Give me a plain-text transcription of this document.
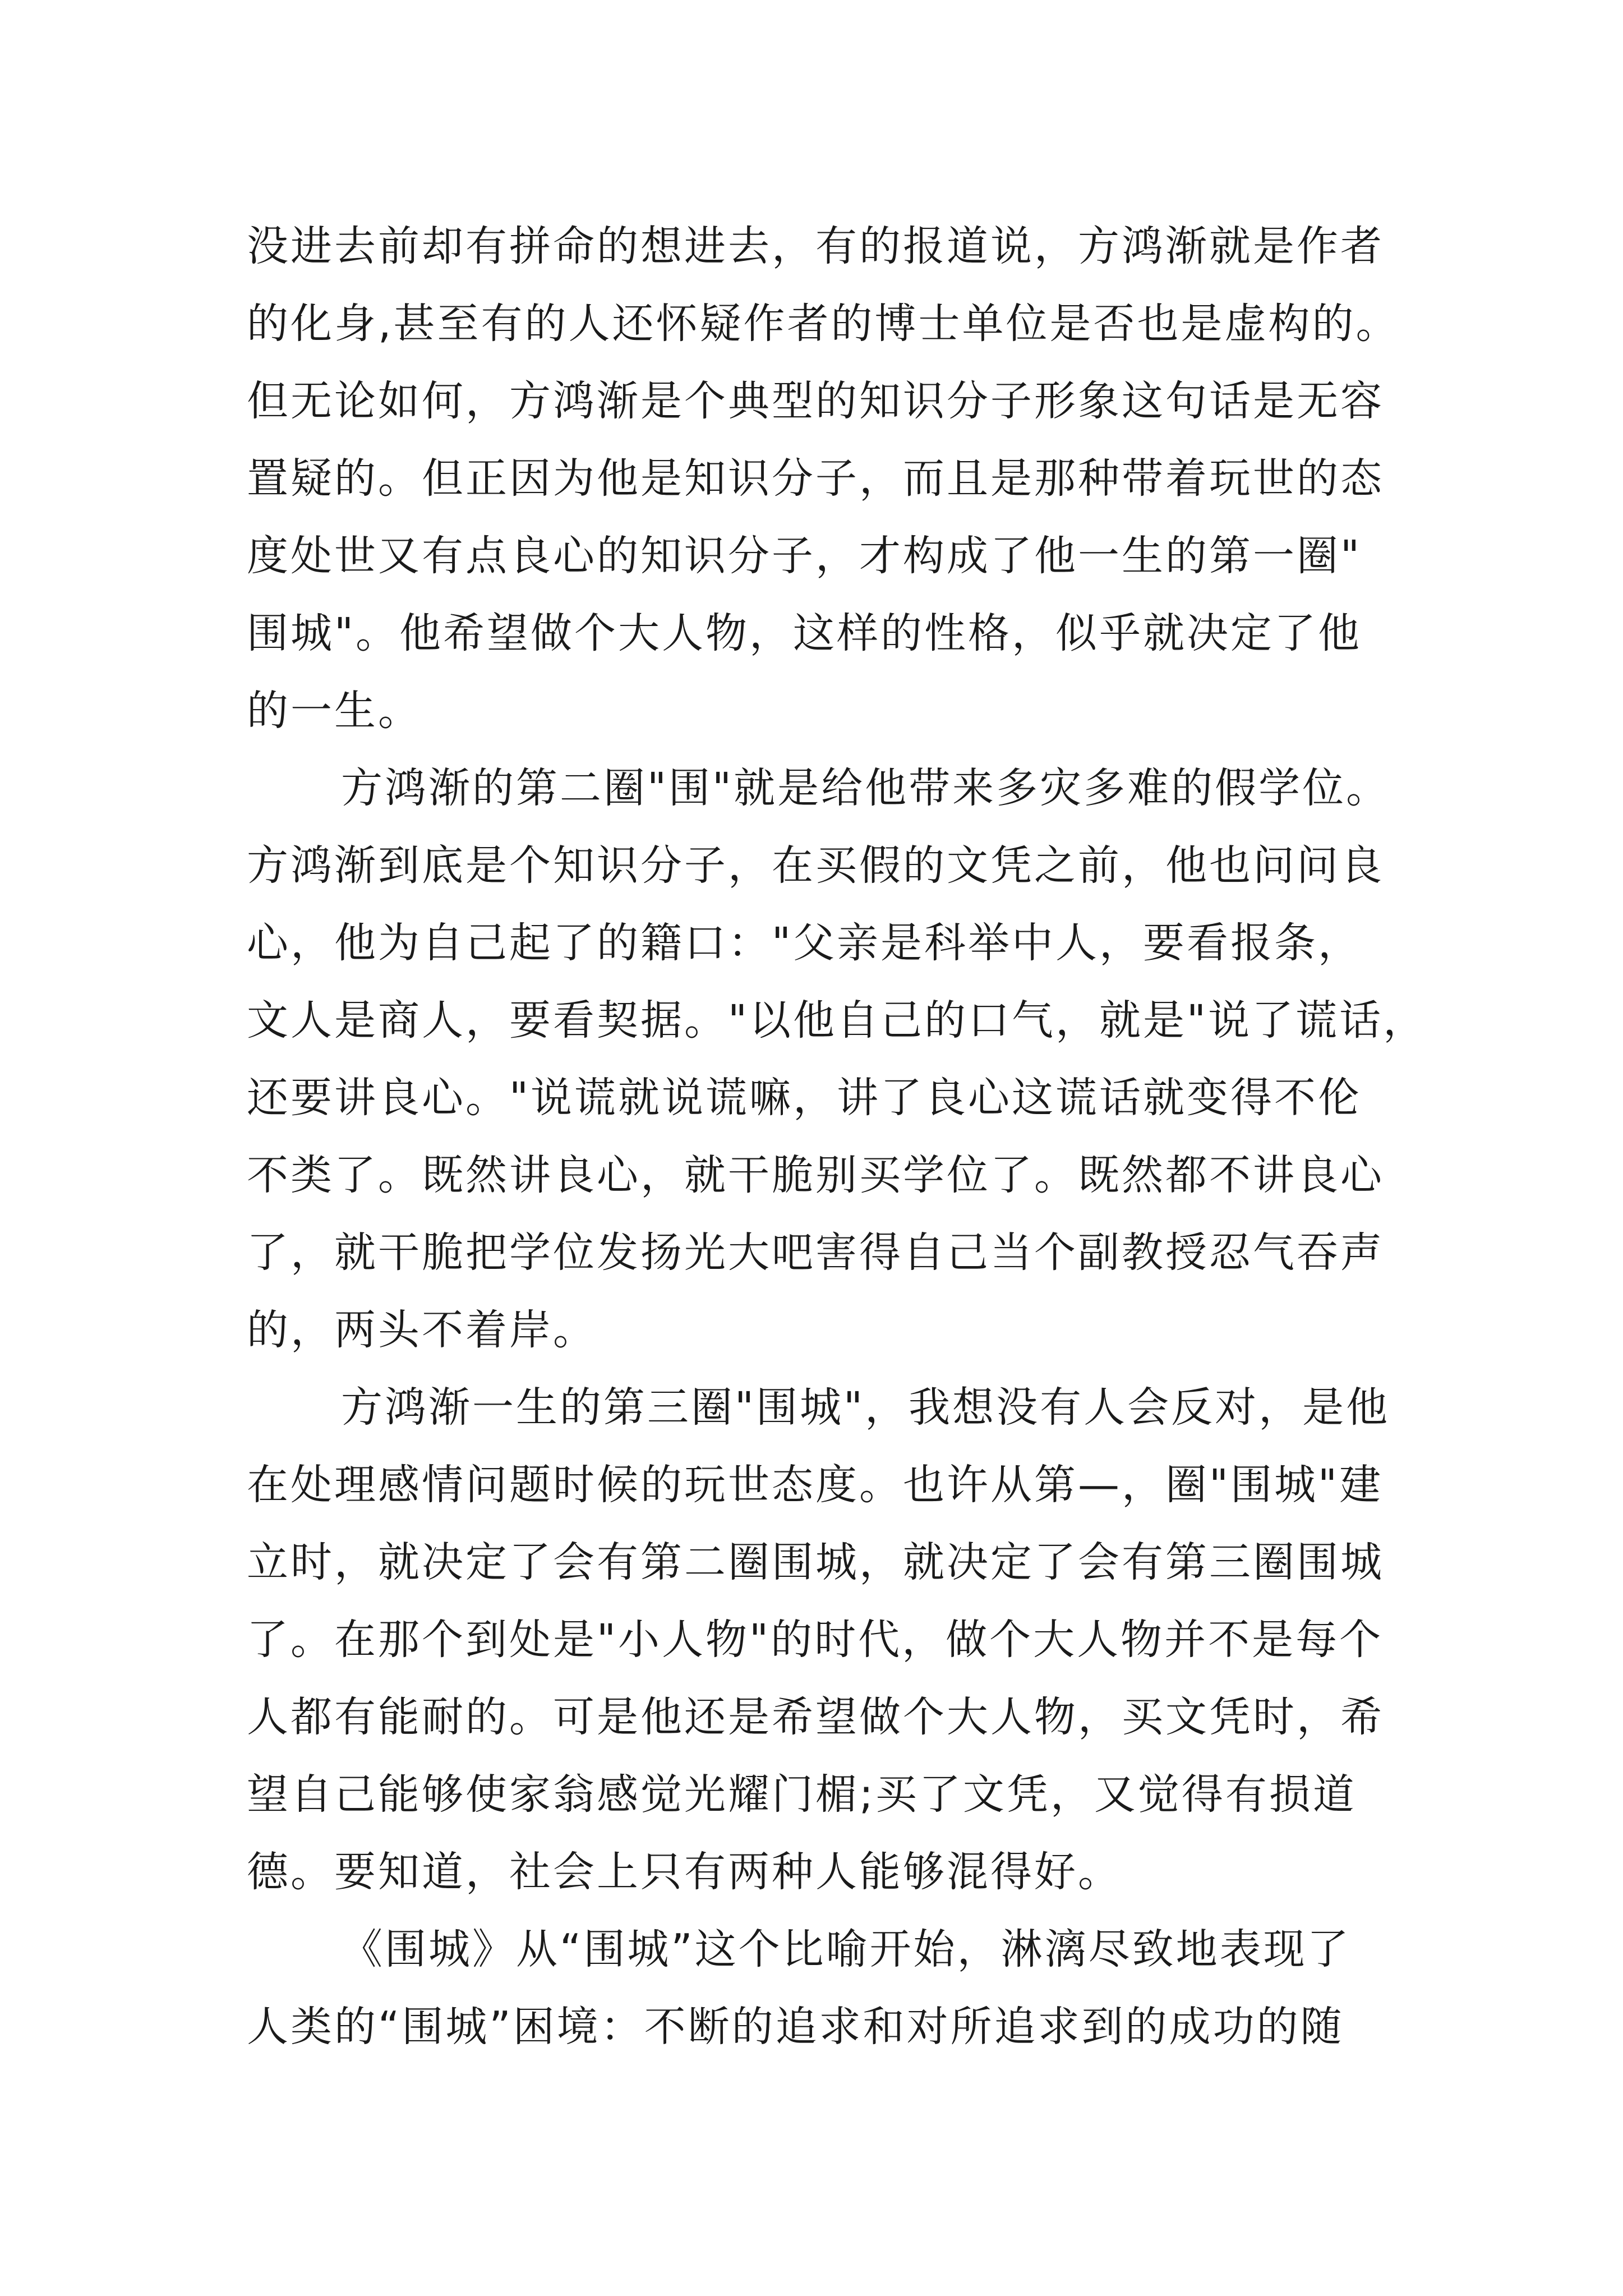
没进去前却有拼命的想进去，有的报道说，方鸿渐就是作者
的化身,甚至有的人还怀疑作者的博士单位是否也是虚构的。
但无论如何，方鸿渐是个典型的知识分子形象这句话是无容
置疑的。但正因为他是知识分子，而且是那种带着玩世的态
度处世又有点良心的知识分子，才构成了他一生的第一圈"
围城"。他希望做个大人物，这样的性格，似乎就决定了他
的一生。
方鸿渐的第二圈"围"就是给他带来多灾多难的假学位。
方鸿渐到底是个知识分子，在买假的文凭之前，他也问问良
心，他为自己起了的籍口："父亲是科举中人，要看报条，
文人是商人，要看契据。"以他自己的口气，就是"说了谎话，
还要讲良心。"说谎就说谎嘛，讲了良心这谎话就变得不伦
不类了。既然讲良心，就干脆别买学位了。既然都不讲良心
了，就干脆把学位发扬光大吧害得自己当个副教授忍气吞声
的，两头不着岸。
方鸿渐一生的第三圈"围城"，我想没有人会反对，是他
在处理感情问题时候的玩世态度。也许从第—，圈"围城"建
立时，就决定了会有第二圈围城，就决定了会有第三圈围城
了。在那个到处是"小人物"的时代，做个大人物并不是每个
人都有能耐的。可是他还是希望做个大人物，买文凭时，希
望自己能够使家翁感觉光耀门楣;买了文凭，又觉得有损道
德。要知道，社会上只有两种人能够混得好。
《围城》从“围城”这个比喻开始，淋漓尽致地表现了
人类的“围城”困境：不断的追求和对所追求到的成功的随
